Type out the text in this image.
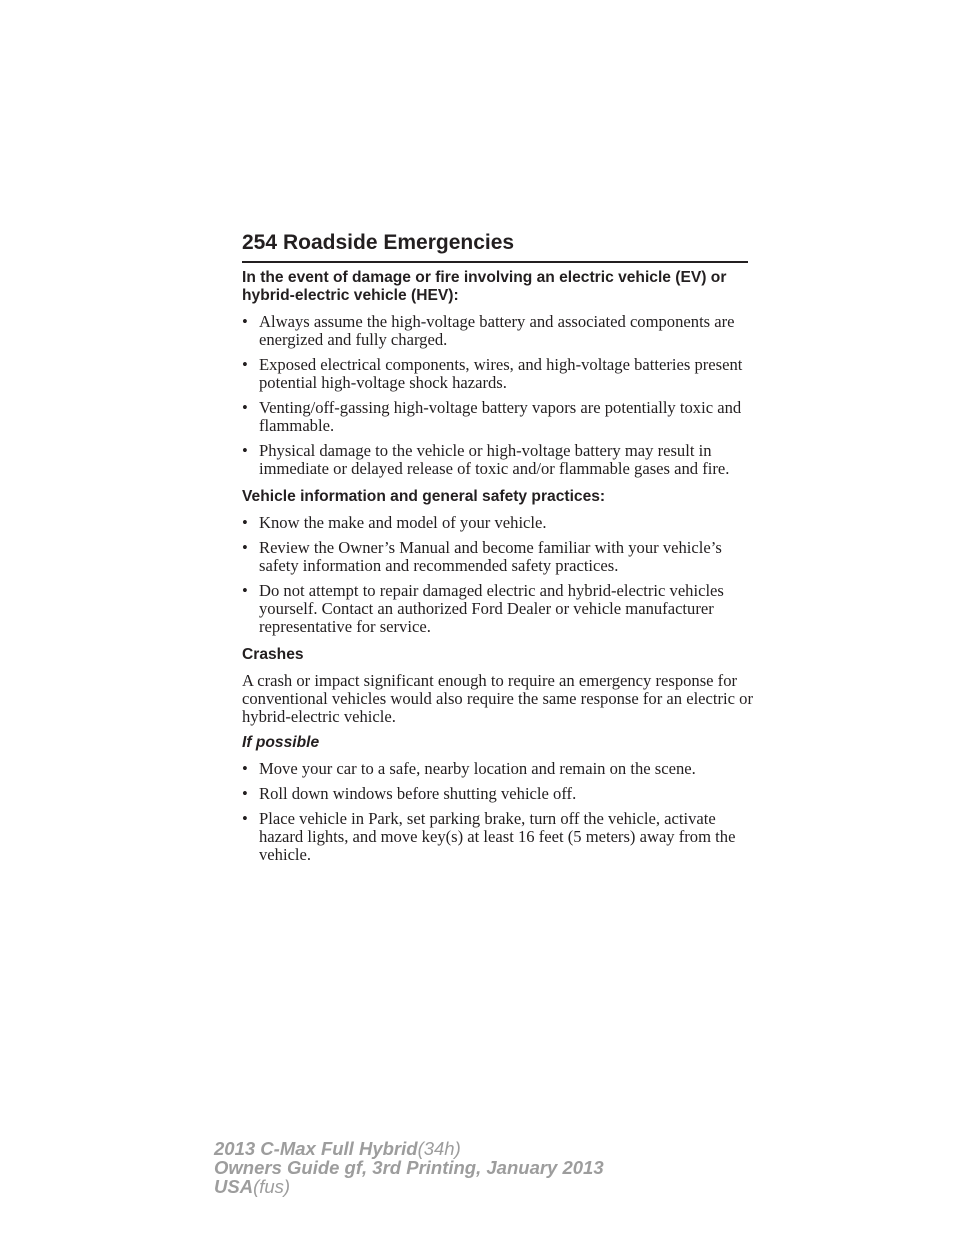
254 Roadside Emergencies

In the event of damage or fire involving an electric vehicle (EV) or hybrid-electric vehicle (HEV):

• Always assume the high-voltage battery and associated components are energized and fully charged.
• Exposed electrical components, wires, and high-voltage batteries present potential high-voltage shock hazards.
• Venting/off-gassing high-voltage battery vapors are potentially toxic and flammable.
• Physical damage to the vehicle or high-voltage battery may result in immediate or delayed release of toxic and/or flammable gases and fire.

Vehicle information and general safety practices:

• Know the make and model of your vehicle.
• Review the Owner’s Manual and become familiar with your vehicle’s safety information and recommended safety practices.
• Do not attempt to repair damaged electric and hybrid-electric vehicles yourself. Contact an authorized Ford Dealer or vehicle manufacturer representative for service.

Crashes

A crash or impact significant enough to require an emergency response for conventional vehicles would also require the same response for an electric or hybrid-electric vehicle.

If possible

• Move your car to a safe, nearby location and remain on the scene.
• Roll down windows before shutting vehicle off.
• Place vehicle in Park, set parking brake, turn off the vehicle, activate hazard lights, and move key(s) at least 16 feet (5 meters) away from the vehicle.
2013 C-Max Full Hybrid(34h)
Owners Guide gf, 3rd Printing, January 2013
USA(fus)
